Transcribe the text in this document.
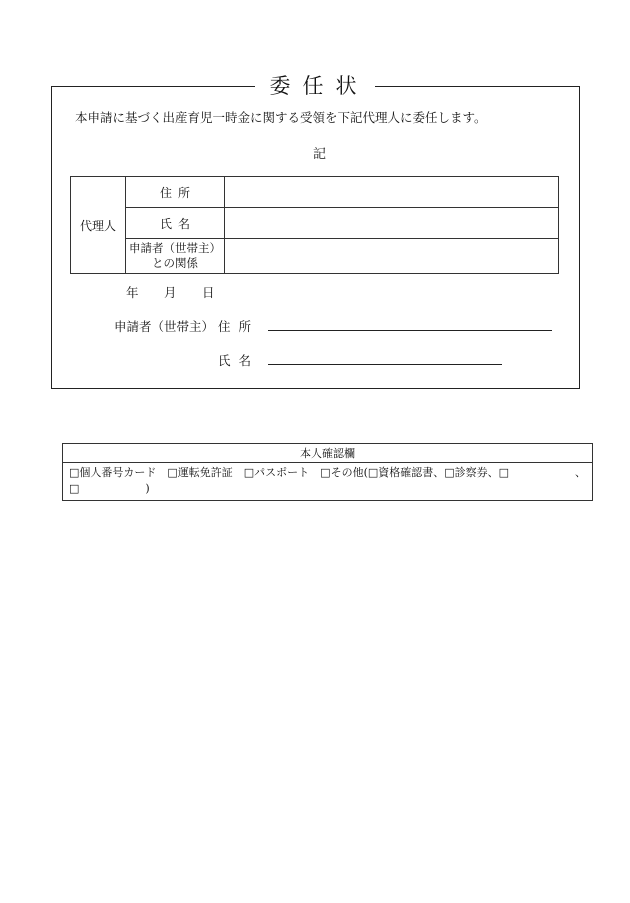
委任状
本申請に基づく出産育児一時金に関する受領を下記代理人に委任します。
記
代理人	住所	
	氏名	

	申請者（世帯主）
との関係	

年 月 日
申請者（世帯主） 住所
氏名
本人確認欄

□個人番号カード　□運転免許証　□パスポート　□その他(□資格確認書、□診察券、□　　　　　　、
□　　　　　　)
